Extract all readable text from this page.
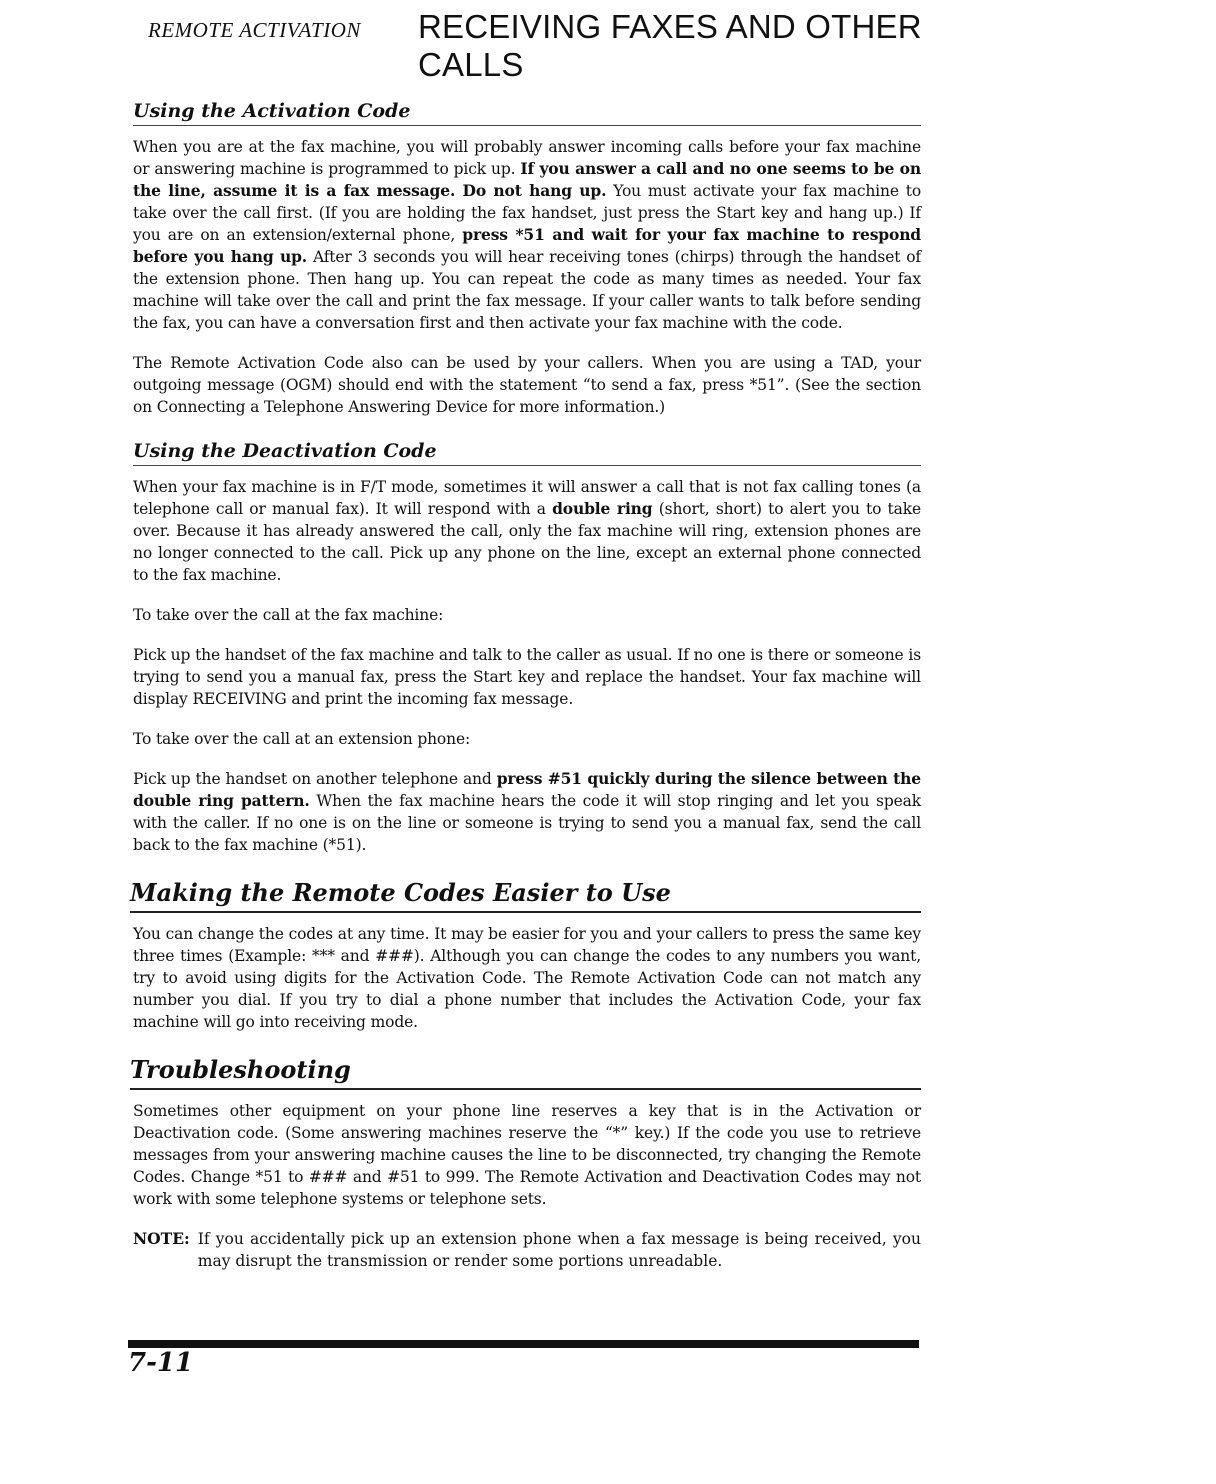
REMOTE ACTIVATION RECEIVING FAXES AND OTHER CALLS
Using the Activation Code

When you are at the fax machine, you will probably answer incoming calls before your fax machine or answering machine is programmed to pick up. If you answer a call and no one seems to be on the line, assume it is a fax message. Do not hang up. You must activate your fax machine to take over the call first. (If you are holding the fax handset, just press the Start key and hang up.) If you are on an extension/external phone, press *51 and wait for your fax machine to respond before you hang up. After 3 seconds you will hear receiving tones (chirps) through the handset of the extension phone. Then hang up. You can repeat the code as many times as needed. Your fax machine will take over the call and print the fax message. If your caller wants to talk before sending the fax, you can have a conversation first and then activate your fax machine with the code.

The Remote Activation Code also can be used by your callers. When you are using a TAD, your outgoing message (OGM) should end with the statement “to send a fax, press *51”. (See the section on Connecting a Telephone Answering Device for more information.)

Using the Deactivation Code

When your fax machine is in F/T mode, sometimes it will answer a call that is not fax calling tones (a telephone call or manual fax). It will respond with a double ring (short, short) to alert you to take over. Because it has already answered the call, only the fax machine will ring, extension phones are no longer connected to the call. Pick up any phone on the line, except an external phone connected to the fax machine.

To take over the call at the fax machine:

Pick up the handset of the fax machine and talk to the caller as usual. If no one is there or someone is trying to send you a manual fax, press the Start key and replace the handset. Your fax machine will display RECEIVING and print the incoming fax message.

To take over the call at an extension phone:

Pick up the handset on another telephone and press #51 quickly during the silence between the double ring pattern. When the fax machine hears the code it will stop ringing and let you speak with the caller. If no one is on the line or someone is trying to send you a manual fax, send the call back to the fax machine (*51).

Making the Remote Codes Easier to Use

You can change the codes at any time. It may be easier for you and your callers to press the same key three times (Example: *** and ###). Although you can change the codes to any numbers you want, try to avoid using digits for the Activation Code. The Remote Activation Code can not match any number you dial. If you try to dial a phone number that includes the Activation Code, your fax machine will go into receiving mode.

Troubleshooting

Sometimes other equipment on your phone line reserves a key that is in the Activation or Deactivation code. (Some answering machines reserve the “*” key.) If the code you use to retrieve messages from your answering machine causes the line to be disconnected, try changing the Remote Codes. Change *51 to ### and #51 to 999. The Remote Activation and Deactivation Codes may not work with some telephone systems or telephone sets.

NOTE: If you accidentally pick up an extension phone when a fax message is being received, you may disrupt the transmission or render some portions unreadable.
7-11
